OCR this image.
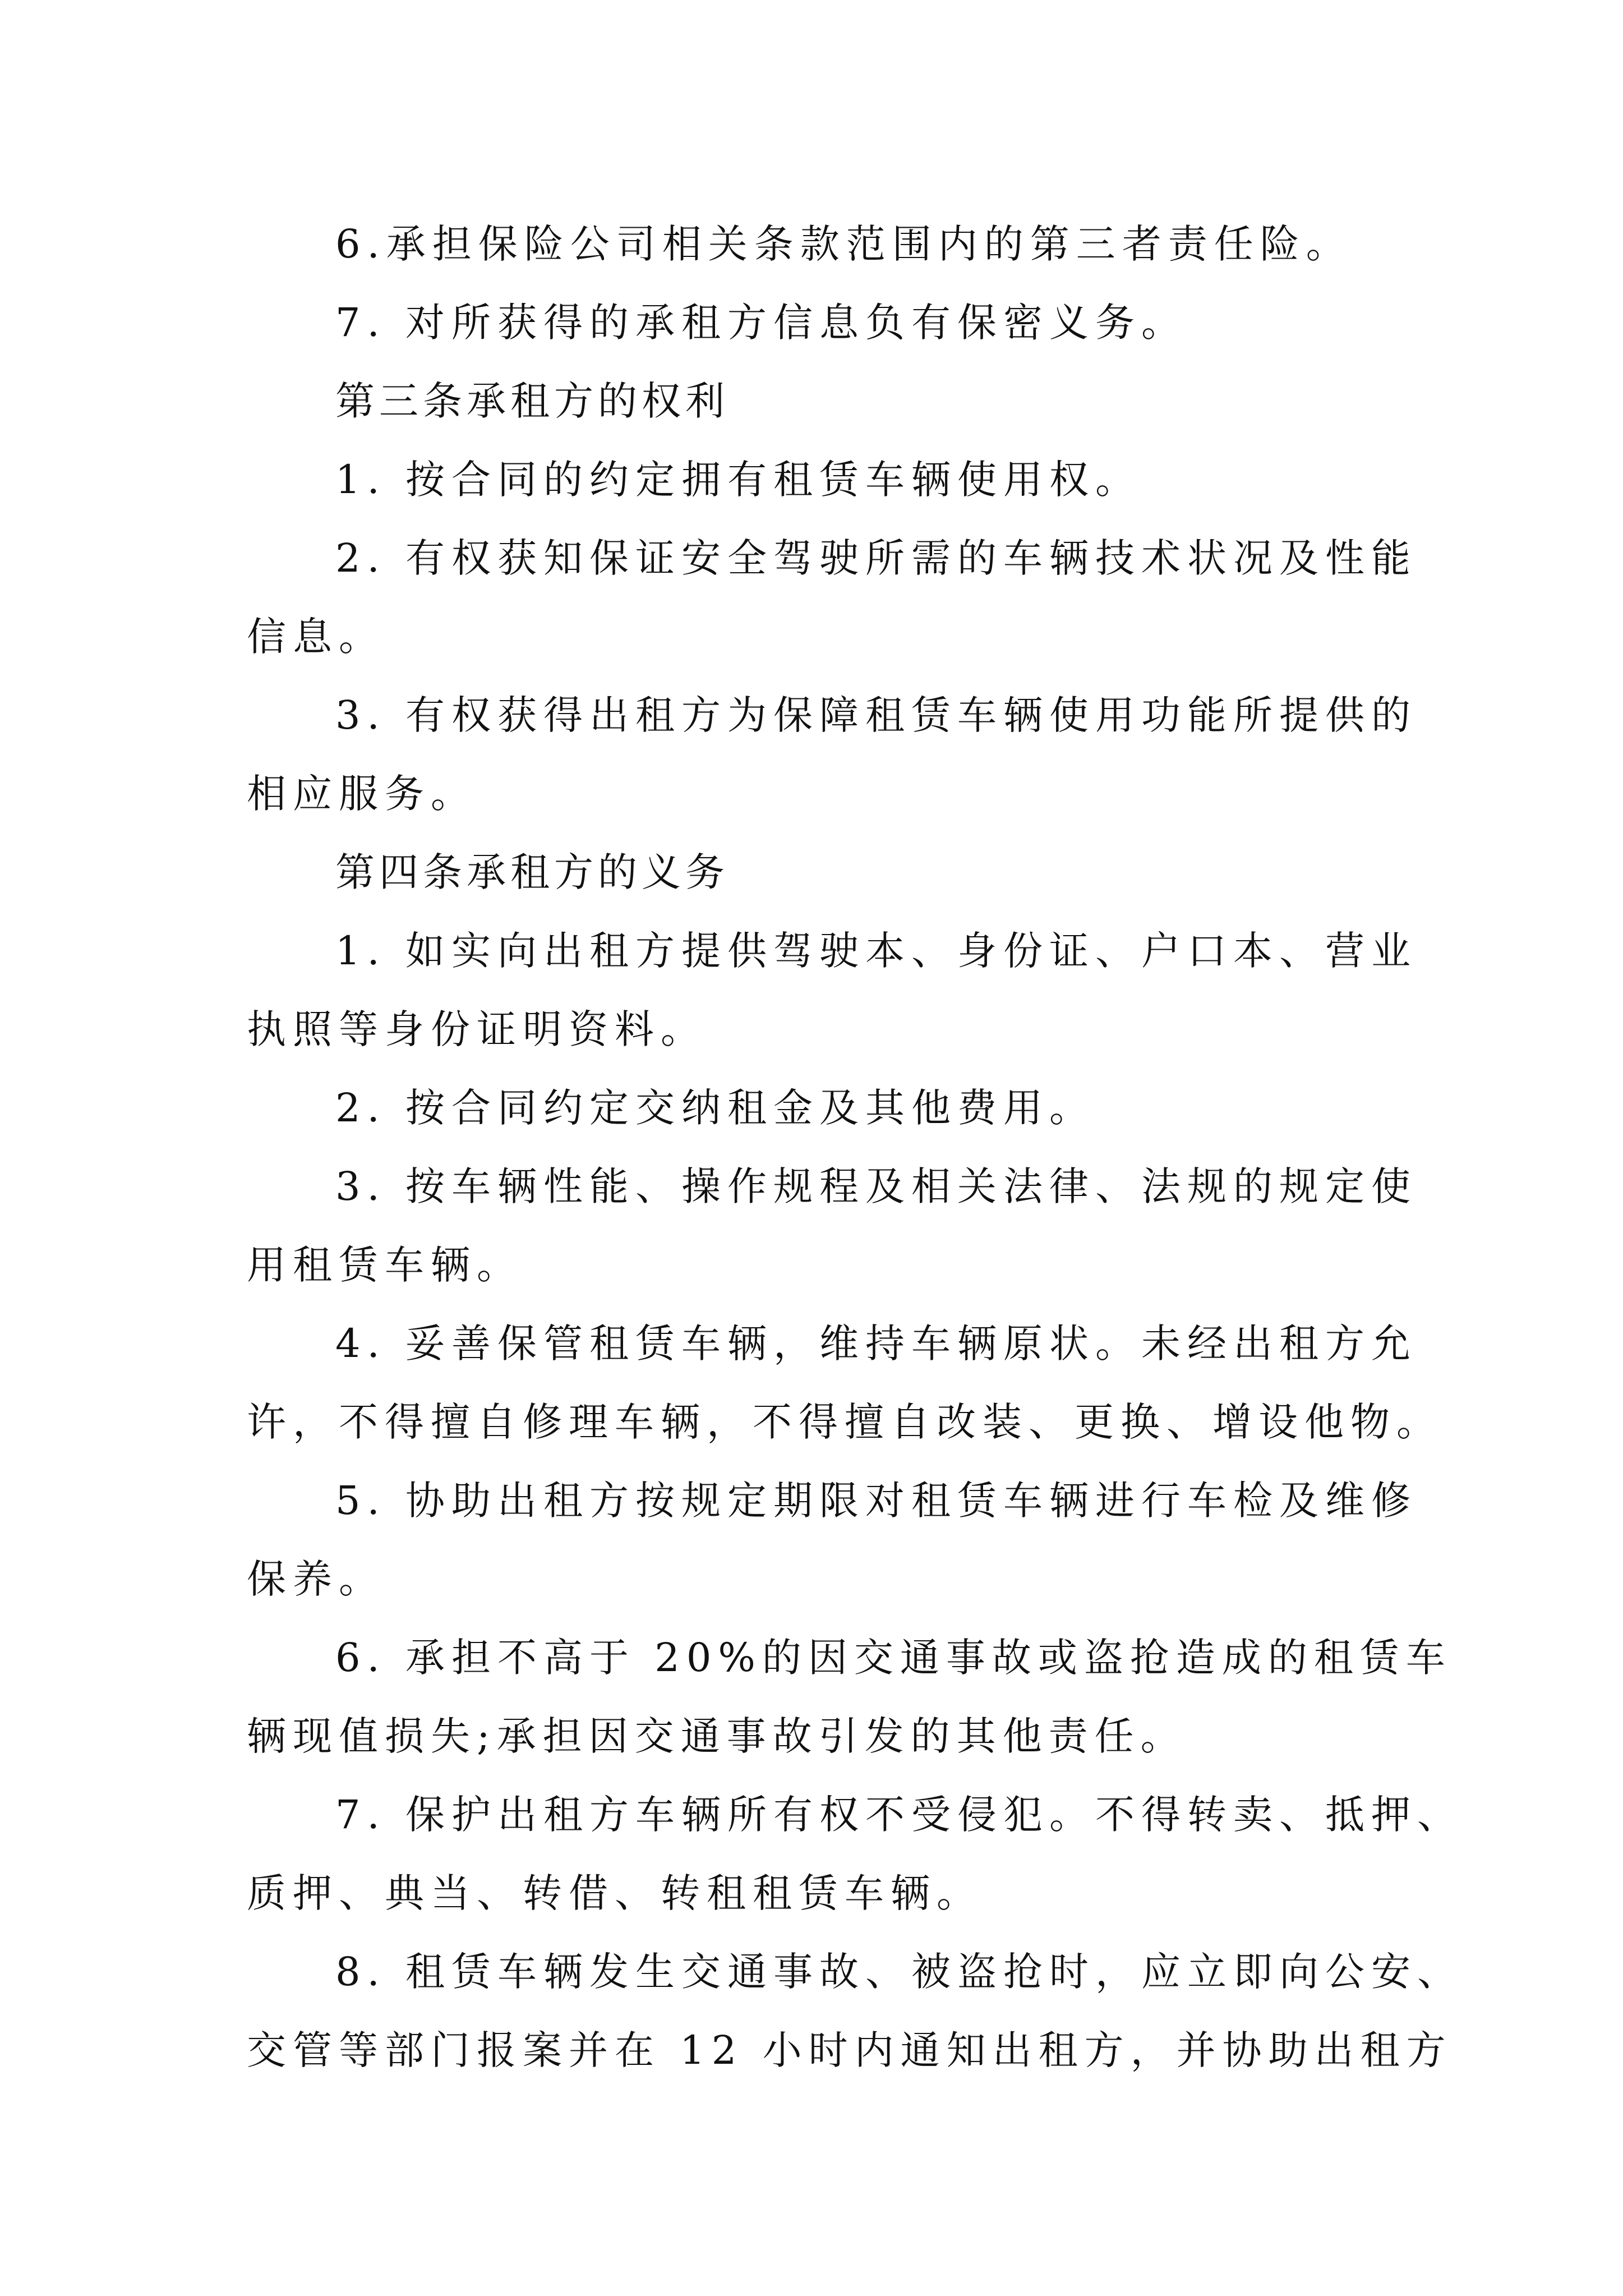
6.承担保险公司相关条款范围内的第三者责任险。
7. 对所获得的承租方信息负有保密义务。
第三条承租方的权利
1. 按合同的约定拥有租赁车辆使用权。
2. 有权获知保证安全驾驶所需的车辆技术状况及性能
信息。
3. 有权获得出租方为保障租赁车辆使用功能所提供的
相应服务。
第四条承租方的义务
1. 如实向出租方提供驾驶本、身份证、户口本、营业
执照等身份证明资料。
2. 按合同约定交纳租金及其他费用。
3. 按车辆性能、操作规程及相关法律、法规的规定使
用租赁车辆。
4. 妥善保管租赁车辆，维持车辆原状。未经出租方允
许，不得擅自修理车辆，不得擅自改装、更换、增设他物。
5. 协助出租方按规定期限对租赁车辆进行车检及维修
保养。
6. 承担不高于 20%的因交通事故或盗抢造成的租赁车
辆现值损失;承担因交通事故引发的其他责任。
7. 保护出租方车辆所有权不受侵犯。不得转卖、抵押、
质押、典当、转借、转租租赁车辆。
8. 租赁车辆发生交通事故、被盗抢时，应立即向公安、
交管等部门报案并在 12 小时内通知出租方，并协助出租方
